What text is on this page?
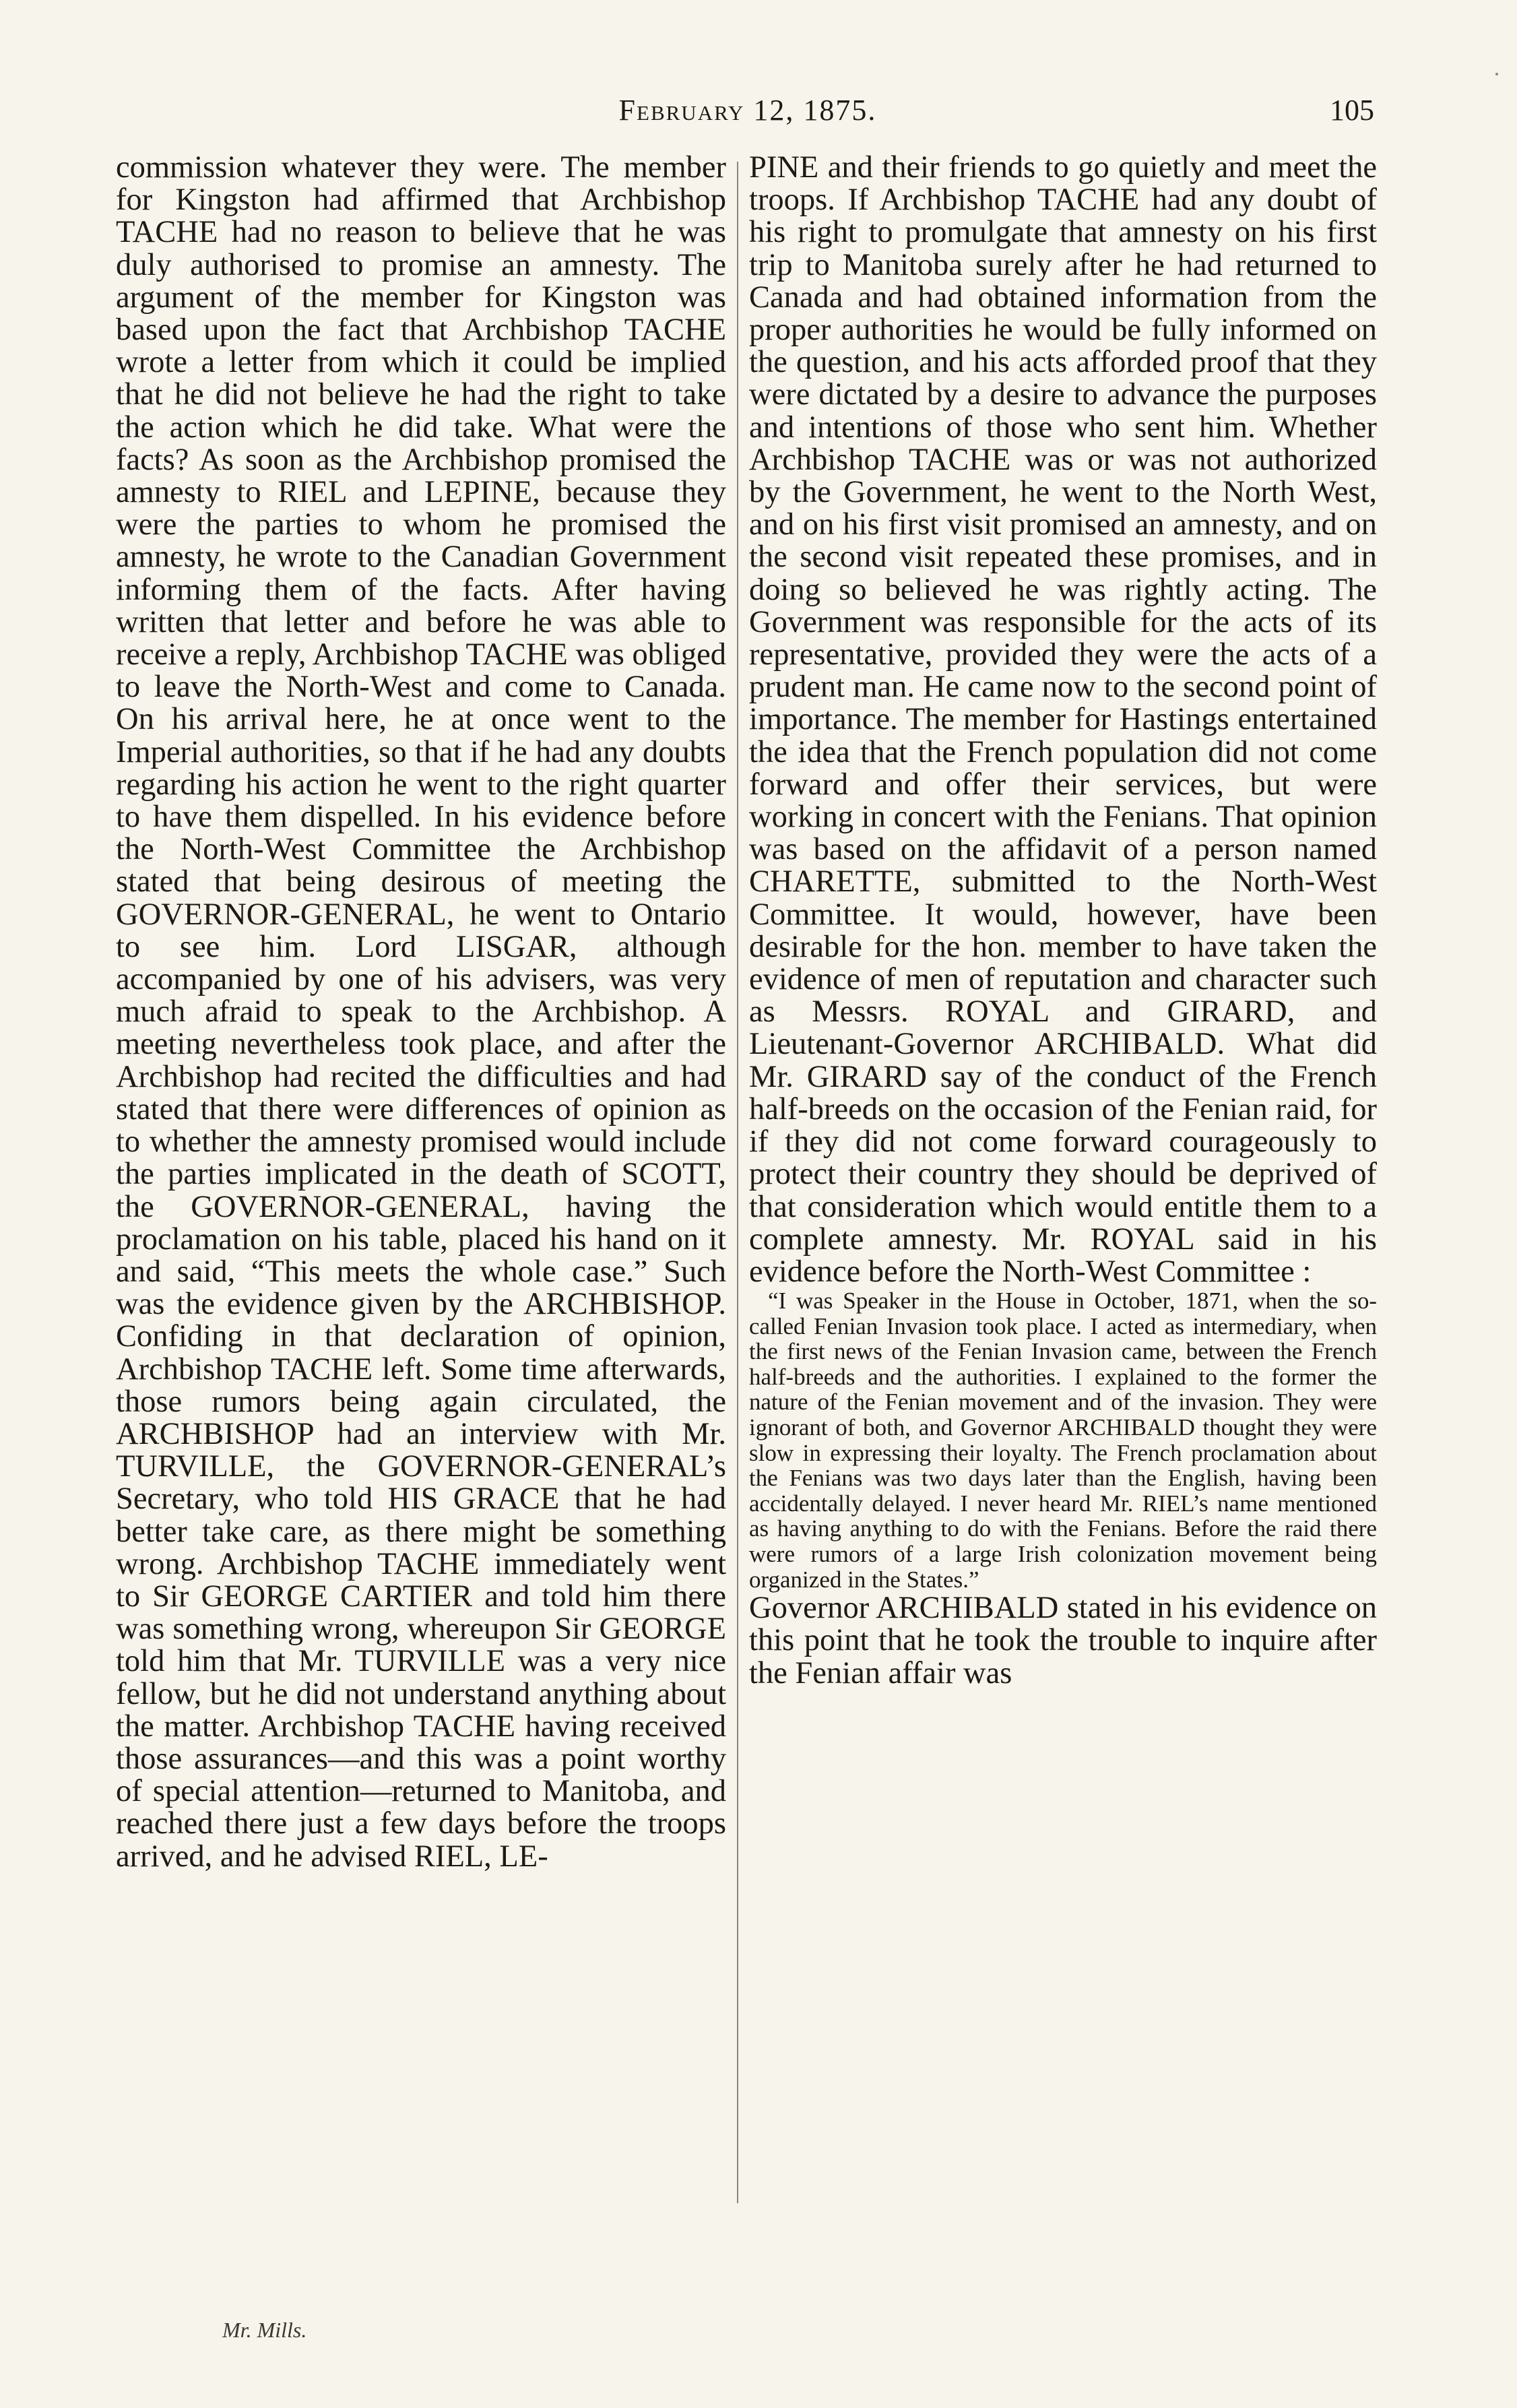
February 12, 1875.	105

commission whatever they were. The member for Kingston had affirmed that Archbishop TACHE had no reason to believe that he was duly authorised to promise an amnesty. The argument of the member for Kingston was based upon the fact that Archbishop TACHE wrote a letter from which it could be implied that he did not believe he had the right to take the action which he did take. What were the facts? As soon as the Archbishop promised the amnesty to RIEL and LEPINE, because they were the parties to whom he promised the amnesty, he wrote to the Canadian Government informing them of the facts. After having written that letter and before he was able to receive a reply, Archbishop TACHE was obliged to leave the North-West and come to Canada. On his arrival here, he at once went to the Imperial authorities, so that if he had any doubts regarding his action he went to the right quarter to have them dispelled. In his evidence before the North-West Committee the Archbishop stated that being desirous of meeting the GOVERNOR-GENERAL, he went to Ontario to see him. Lord LISGAR, although accompanied by one of his advisers, was very much afraid to speak to the Archbishop. A meeting nevertheless took place, and after the Archbishop had recited the difficulties and had stated that there were differences of opinion as to whether the amnesty promised would include the parties implicated in the death of SCOTT, the GOVERNOR-GENERAL, having the proclamation on his table, placed his hand on it and said, “This meets the whole case.” Such was the evidence given by the ARCHBISHOP. Confiding in that declaration of opinion, Archbishop TACHE left. Some time afterwards, those rumors being again circulated, the ARCHBISHOP had an interview with Mr. TURVILLE, the GOVERNOR-GENERAL’s Secretary, who told HIS GRACE that he had better take care, as there might be something wrong. Archbishop TACHE immediately went to Sir GEORGE CARTIER and told him there was something wrong, whereupon Sir GEORGE told him that Mr. TURVILLE was a very nice fellow, but he did not understand anything about the matter. Archbishop TACHE having received those assurances—and this was a point worthy of special attention—returned to Manitoba, and reached there just a few days before the troops arrived, and he advised RIEL, LE-

PINE and their friends to go quietly and meet the troops. If Archbishop TACHE had any doubt of his right to promulgate that amnesty on his first trip to Manitoba surely after he had returned to Canada and had obtained information from the proper authorities he would be fully informed on the question, and his acts afforded proof that they were dictated by a desire to advance the purposes and intentions of those who sent him. Whether Archbishop TACHE was or was not authorized by the Government, he went to the North West, and on his first visit promised an amnesty, and on the second visit repeated these promises, and in doing so believed he was rightly acting. The Government was responsible for the acts of its representative, provided they were the acts of a prudent man. He came now to the second point of importance. The member for Hastings entertained the idea that the French population did not come forward and offer their services, but were working in concert with the Fenians. That opinion was based on the affidavit of a person named CHARETTE, submitted to the North-West Committee. It would, however, have been desirable for the hon. member to have taken the evidence of men of reputation and character such as Messrs. ROYAL and GIRARD, and Lieutenant-Governor ARCHIBALD. What did Mr. GIRARD say of the conduct of the French half-breeds on the occasion of the Fenian raid, for if they did not come forward courageously to protect their country they should be deprived of that consideration which would entitle them to a complete amnesty. Mr. ROYAL said in his evidence before the North-West Committee :

“I was Speaker in the House in October, 1871, when the so-called Fenian Invasion took place. I acted as intermediary, when the first news of the Fenian Invasion came, between the French half-breeds and the authorities. I explained to the former the nature of the Fenian movement and of the invasion. They were ignorant of both, and Governor ARCHIBALD thought they were slow in expressing their loyalty. The French proclamation about the Fenians was two days later than the English, having been accidentally delayed. I never heard Mr. RIEL’s name mentioned as having anything to do with the Fenians. Before the raid there were rumors of a large Irish colonization movement being organized in the States.”

Governor ARCHIBALD stated in his evidence on this point that he took the trouble to inquire after the Fenian affair was

Mr. Mills.
